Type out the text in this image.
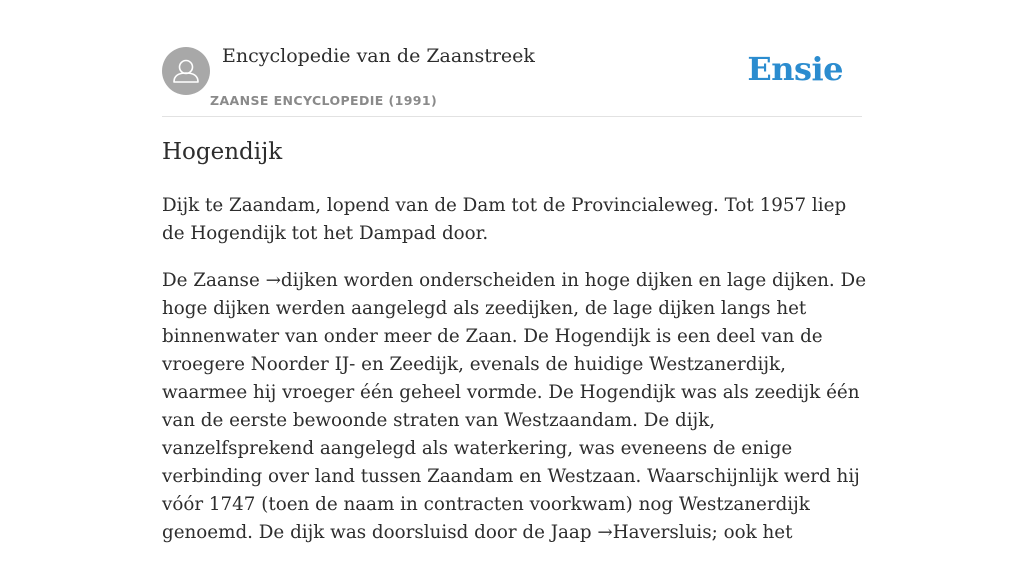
Encyclopedie van de Zaanstreek
ZAANSE ENCYCLOPEDIE (1991)
Ensie
Hogendijk

Dijk te Zaandam, lopend van de Dam tot de Provincialeweg. Tot 1957 liep de Hogendijk tot het Dampad door.

De Zaanse →dijken worden onderscheiden in hoge dijken en lage dijken. De hoge dijken werden aangelegd als zeedijken, de lage dijken langs het binnenwater van onder meer de Zaan. De Hogendijk is een deel van de vroegere Noorder IJ- en Zeedijk, evenals de huidige Westzanerdijk, waarmee hij vroeger één geheel vormde. De Hogendijk was als zeedijk één van de eerste bewoonde straten van Westzaandam. De dijk, vanzelfsprekend aangelegd als waterkering, was eveneens de enige verbinding over land tussen Zaandam en Westzaan. Waarschijnlijk werd hij vóór 1747 (toen de naam in contracten voorkwam) nog Westzanerdijk genoemd. De dijk was doorsluisd door de Jaap →Haversluis; ook het
